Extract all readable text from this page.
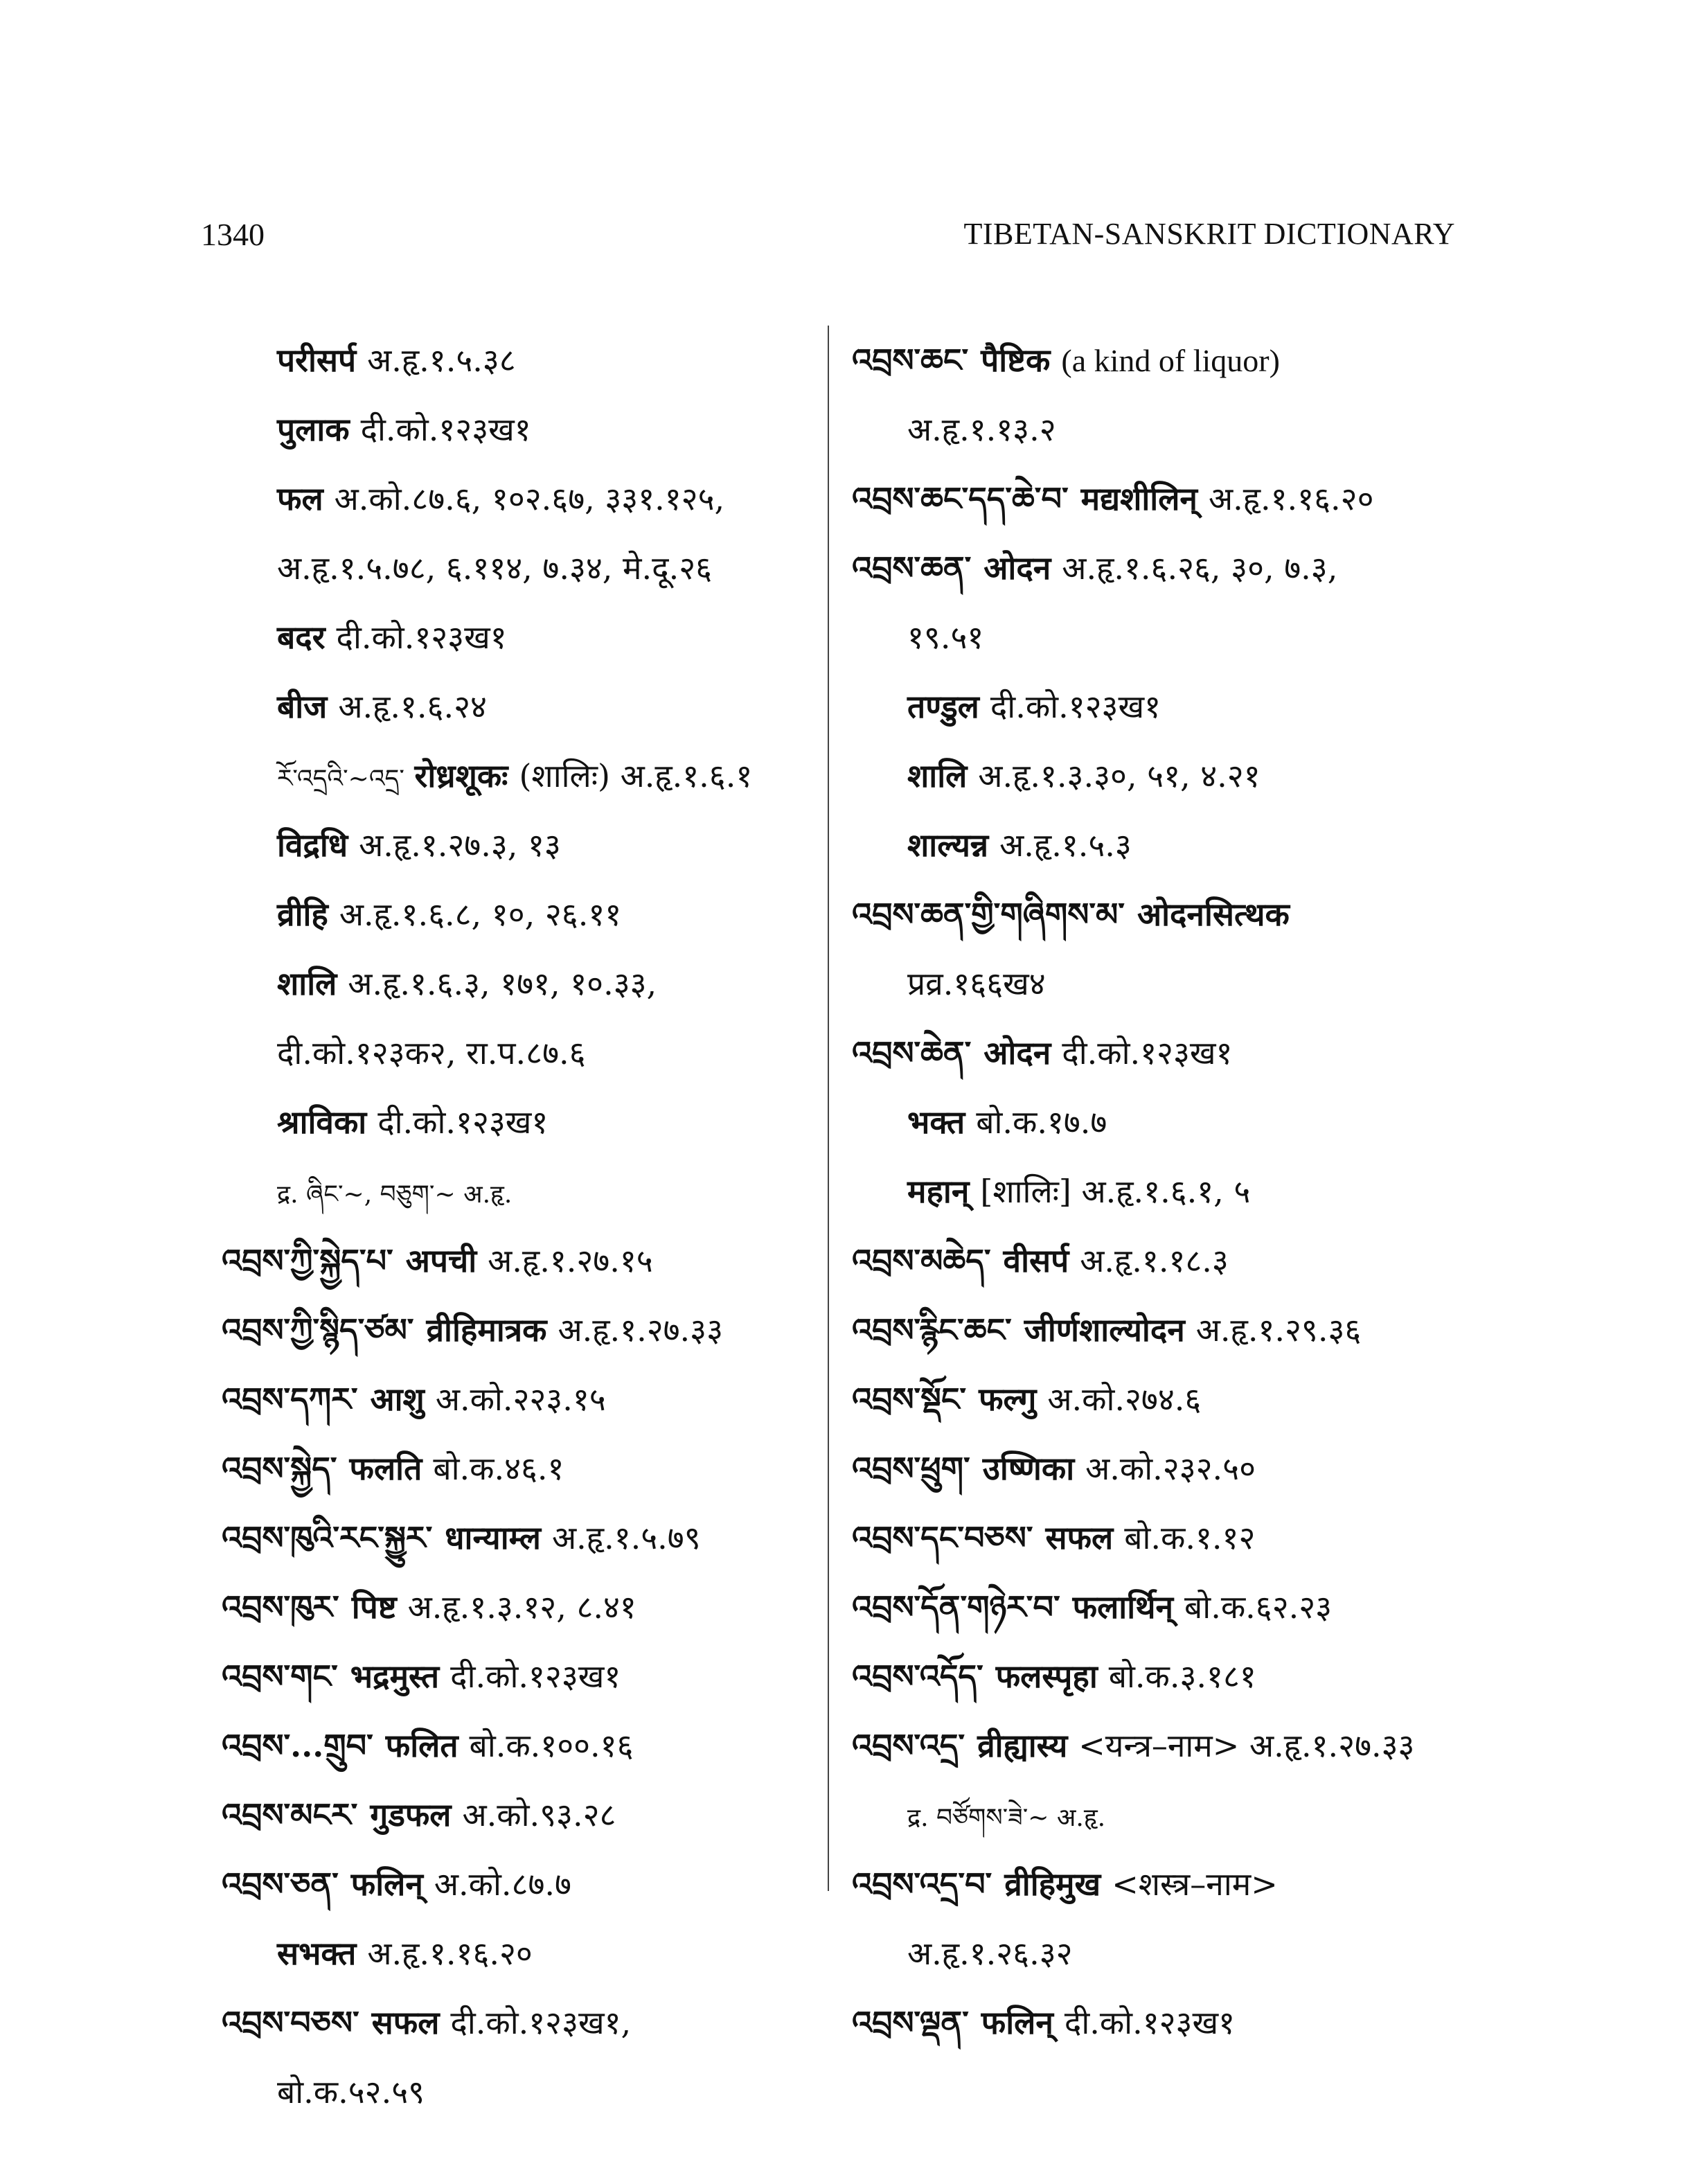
1340	TIBETAN-SANSKRIT DICTIONARY
परीसर्प अ.हृ.१.५.३८
पुलाक दी.को.१२३ख१
फल अ.को.८७.६, १०२.६७, ३३१.१२५,
अ.हृ.१.५.७८, ६.११४, ७.३४, मे.दू.२६
बदर दी.को.१२३ख१
बीज अ.हृ.१.६.२४
རོ་འདྲའི་~འདྲ་ रोध्रशूकः (शालिः) अ.हृ.१.६.१
विद्रधि अ.हृ.१.२७.३, १३
व्रीहि अ.हृ.१.६.८, १०, २६.११
शालि अ.हृ.१.६.३, १७१, १०.३३,
दी.को.१२३क२, रा.प.८७.६
श्राविका दी.को.१२३ख१
द्र. ཞིང་~, བཅུག་~ अ.हृ.
འབྲས་ཀྱི་སྐྱེད་པ་ अपची अ.हृ.१.२७.१५
འབྲས་ཀྱི་སྙིད་ཙམ་ व्रीहिमात्रक अ.हृ.१.२७.३३
འབྲས་དཀར་ आशु अ.को.२२३.१५
འབྲས་སྐྱེད་ फलति बो.क.४६.१
འབྲས་ཁུའི་རང་སྐྱུར་ धान्याम्ल अ.हृ.१.५.७९
འབྲས་ཁུར་ पिष्ट अ.हृ.१.३.१२, ८.४१
འབྲས་གང་ भद्रमुस्त दी.को.१२३ख१
འབྲས་...གྲུབ་ फलित बो.क.१००.१६
འབྲས་མངར་ गुडफल अ.को.९३.२८
འབྲས་ཅན་ फलिन् अ.को.८७.७
सभक्त अ.हृ.१.१६.२०
འབྲས་བཅས་ सफल दी.को.१२३ख१,
बो.क.५२.५९
འབྲས་ཆང་ पैष्टिक (a kind of liquor)
अ.हृ.१.१३.२
འབྲས་ཆང་དད་ཆེ་བ་ मद्यशीलिन् अ.हृ.१.१६.२०
འབྲས་ཆན་ ओदन अ.हृ.१.६.२६, ३०, ७.३,
१९.५१
तण्डुल दी.को.१२३ख१
शालि अ.हृ.१.३.३०, ५१, ४.२१
शाल्यन्न अ.हृ.१.५.३
འབྲས་ཆན་གྱི་གཞིགས་མ་ ओदनसित्थक
प्रव्र.१६६ख४
འབྲས་ཆེན་ ओदन दी.को.१२३ख१
भक्त बो.क.१७.७
महान् [शालिः] अ.हृ.१.६.१, ५
འབྲས་མཆེད་ वीसर्प अ.हृ.१.१८.३
འབྲས་རྙིང་ཆང་ जीर्णशाल्योदन अ.हृ.१.२९.३६
འབྲས་སྡོང་ फल्गु अ.को.२७४.६
འབྲས་ཕྲུག་ उष्णिका अ.को.२३२.५०
འབྲས་དང་བཅས་ सफल बो.क.१.१२
འབྲས་དོན་གཉེར་བ་ फलार्थिन् बो.क.६२.२३
འབྲས་འདོད་ फलस्पृहा बो.क.३.१८१
འབྲས་འདྲ་ व्रीह्यास्य <यन्त्र–नाम> अ.हृ.१.२७.३३
द्र. བཙོགས་ཟེ་~ अ.हृ.
འབྲས་འདྲ་བ་ व्रीहिमुख <शस्त्र–नाम>
अ.हृ.१.२६.३२
འབྲས་ལྡན་ फलिन् दी.को.१२३ख१
